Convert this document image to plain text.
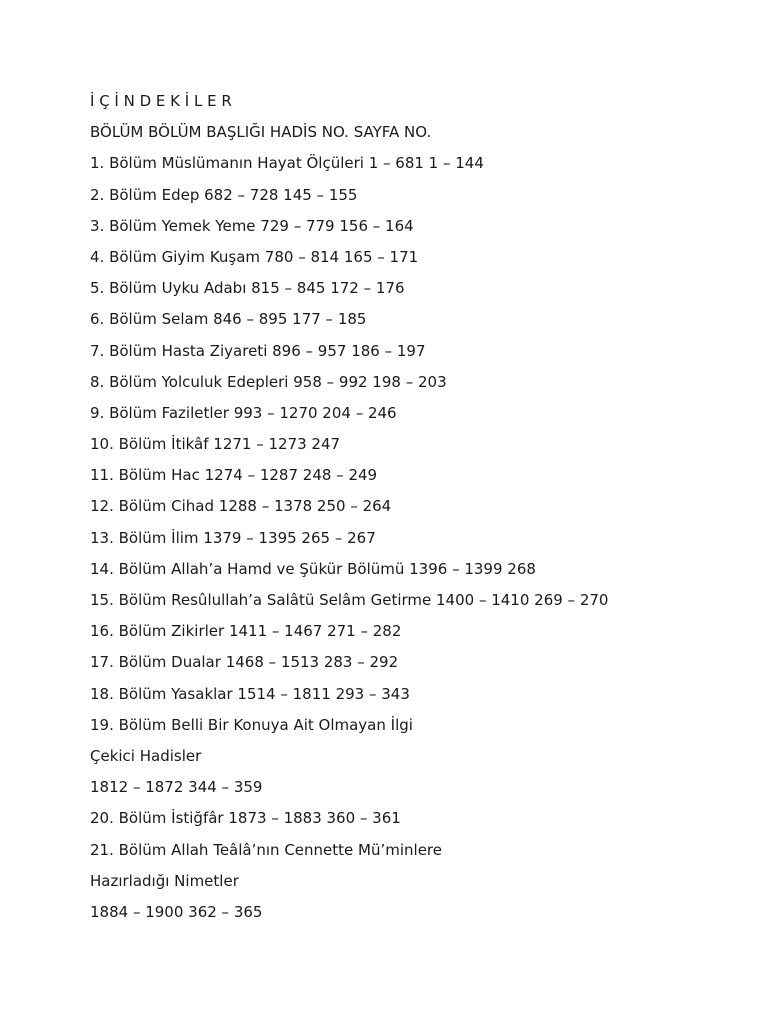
İ Ç İ N D E K İ L E R
BÖLÜM BÖLÜM BAŞLIĞI HADİS NO. SAYFA NO.
1. Bölüm Müslümanın Hayat Ölçüleri 1 – 681 1 – 144
2. Bölüm Edep 682 – 728 145 – 155
3. Bölüm Yemek Yeme 729 – 779 156 – 164
4. Bölüm Giyim Kuşam 780 – 814 165 – 171
5. Bölüm Uyku Adabı 815 – 845 172 – 176
6. Bölüm Selam 846 – 895 177 – 185
7. Bölüm Hasta Ziyareti 896 – 957 186 – 197
8. Bölüm Yolculuk Edepleri 958 – 992 198 – 203
9. Bölüm Faziletler 993 – 1270 204 – 246
10. Bölüm İtikâf 1271 – 1273 247
11. Bölüm Hac 1274 – 1287 248 – 249
12. Bölüm Cihad 1288 – 1378 250 – 264
13. Bölüm İlim 1379 – 1395 265 – 267
14. Bölüm Allah’a Hamd ve Şükür Bölümü 1396 – 1399 268
15. Bölüm Resûlullah’a Salâtü Selâm Getirme 1400 – 1410 269 – 270
16. Bölüm Zikirler 1411 – 1467 271 – 282
17. Bölüm Dualar 1468 – 1513 283 – 292
18. Bölüm Yasaklar 1514 – 1811 293 – 343
19. Bölüm Belli Bir Konuya Ait Olmayan İlgi
Çekici Hadisler
1812 – 1872 344 – 359
20. Bölüm İstiğfâr 1873 – 1883 360 – 361
21. Bölüm Allah Teâlâ’nın Cennette Mü’minlere
Hazırladığı Nimetler
1884 – 1900 362 – 365
